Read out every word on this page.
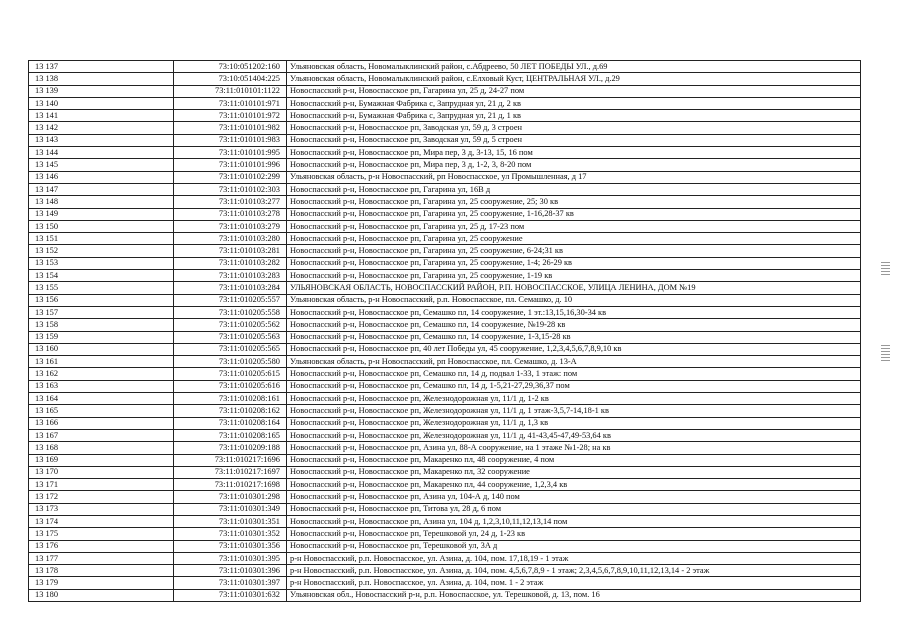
13 137	73:10:051202:160	Ульяновская область, Новомалыклинский район, с.Абдреево, 50 ЛЕТ ПОБЕДЫ УЛ., д.69
13 138	73:10:051404:225	Ульяновская область, Новомалыклинский район, с.Елховый Куст, ЦЕНТРАЛЬНАЯ УЛ., д.29
13 139	73:11:010101:1122	Новоспасский р-н, Новоспасское рп, Гагарина ул, 25 д, 24-27 пом
13 140	73:11:010101:971	Новоспасский р-н, Бумажная Фабрика с, Запрудная ул, 21 д, 2 кв
13 141	73:11:010101:972	Новоспасский р-н, Бумажная Фабрика с, Запрудная ул, 21 д, 1 кв
13 142	73:11:010101:982	Новоспасский р-н, Новоспасское рп, Заводская ул, 59 д, 3 строен
13 143	73:11:010101:983	Новоспасский р-н, Новоспасское рп, Заводская ул, 59 д, 5 строен
13 144	73:11:010101:995	Новоспасский р-н, Новоспасское рп, Мира пер, 3 д, 3-13, 15, 16 пом
13 145	73:11:010101:996	Новоспасский р-н, Новоспасское рп, Мира пер, 3 д, 1-2, 3, 8-20 пом
13 146	73:11:010102:299	Ульяновская область, р-н Новоспасский, рп Новоспасское, ул Промышленная, д 17
13 147	73:11:010102:303	Новоспасский р-н, Новоспасское рп, Гагарина ул, 16В д
13 148	73:11:010103:277	Новоспасский р-н, Новоспасское рп, Гагарина ул, 25 сооружение, 25; 30 кв
13 149	73:11:010103:278	Новоспасский р-н, Новоспасское рп, Гагарина ул, 25 сооружение, 1-16,28-37 кв
13 150	73:11:010103:279	Новоспасский р-н, Новоспасское рп, Гагарина ул, 25 д, 17-23 пом
13 151	73:11:010103:280	Новоспасский р-н, Новоспасское рп, Гагарина ул, 25 сооружение
13 152	73:11:010103:281	Новоспасский р-н, Новоспасское рп, Гагарина ул, 25 сооружение, 6-24;31 кв
13 153	73:11:010103:282	Новоспасский р-н, Новоспасское рп, Гагарина ул, 25 сооружение, 1-4; 26-29 кв
13 154	73:11:010103:283	Новоспасский р-н, Новоспасское рп, Гагарина ул, 25 сооружение, 1-19 кв
13 155	73:11:010103:284	УЛЬЯНОВСКАЯ ОБЛАСТЬ, НОВОСПАССКИЙ РАЙОН, Р.П. НОВОСПАССКОЕ, УЛИЦА ЛЕНИНА, ДОМ №19
13 156	73:11:010205:557	Ульяновская область, р-н Новоспасский, р.п. Новоспасское, пл. Семашко, д. 10
13 157	73:11:010205:558	Новоспасский р-н, Новоспасское рп, Семашко пл, 14 сооружение, 1 эт.:13,15,16,30-34 кв
13 158	73:11:010205:562	Новоспасский р-н, Новоспасское рп, Семашко пл, 14 сооружение, №19-28 кв
13 159	73:11:010205:563	Новоспасский р-н, Новоспасское рп, Семашко пл, 14 сооружение, 1-3,15-28 кв
13 160	73:11:010205:565	Новоспасский р-н, Новоспасское рп, 40 лет Победы ул, 45 сооружение, 1,2,3,4,5,6,7,8,9,10 кв
13 161	73:11:010205:580	Ульяновская область, р-н Новоспасский, рп Новоспасское, пл. Семашко, д. 13-А
13 162	73:11:010205:615	Новоспасский р-н, Новоспасское рп, Семашко пл, 14 д, подвал 1-33, 1 этаж: пом
13 163	73:11:010205:616	Новоспасский р-н, Новоспасское рп, Семашко пл, 14 д, 1-5,21-27,29,36,37 пом
13 164	73:11:010208:161	Новоспасский р-н, Новоспасское рп, Железнодорожная ул, 11/1 д, 1-2 кв
13 165	73:11:010208:162	Новоспасский р-н, Новоспасское рп, Железнодорожная ул, 11/1 д, 1 этаж-3,5,7-14,18-1 кв
13 166	73:11:010208:164	Новоспасский р-н, Новоспасское рп, Железнодорожная ул, 11/1 д, 1,3 кв
13 167	73:11:010208:165	Новоспасский р-н, Новоспасское рп, Железнодорожная ул, 11/1 д, 41-43,45-47,49-53,64 кв
13 168	73:11:010209:188	Новоспасский р-н, Новоспасское рп, Азина ул, 88-А сооружение, на 1 этаже №1-28; на кв
13 169	73:11:010217:1696	Новоспасский р-н, Новоспасское рп, Макаренко пл, 48 сооружение, 4 пом
13 170	73:11:010217:1697	Новоспасский р-н, Новоспасское рп, Макаренко пл, 32 сооружение
13 171	73:11:010217:1698	Новоспасский р-н, Новоспасское рп, Макаренко пл, 44 сооружение, 1,2,3,4 кв
13 172	73:11:010301:298	Новоспасский р-н, Новоспасское рп, Азина ул, 104-А д, 140 пом
13 173	73:11:010301:349	Новоспасский р-н, Новоспасское рп, Титова ул, 28 д, 6 пом
13 174	73:11:010301:351	Новоспасский р-н, Новоспасское рп, Азина ул, 104 д, 1,2,3,10,11,12,13,14 пом
13 175	73:11:010301:352	Новоспасский р-н, Новоспасское рп, Терешковой ул, 24 д, 1-23 кв
13 176	73:11:010301:356	Новоспасский р-н, Новоспасское рп, Терешковой ул, 3А д
13 177	73:11:010301:395	р-н Новоспасский, р.п. Новоспасское, ул. Азина, д. 104, пом. 17,18,19 - 1 этаж
13 178	73:11:010301:396	р-н Новоспасский, р.п. Новоспасское, ул. Азина, д. 104, пом. 4,5,6,7,8,9 - 1 этаж; 2,3,4,5,6,7,8,9,10,11,12,13,14 - 2 этаж
13 179	73:11:010301:397	р-н Новоспасский, р.п. Новоспасское, ул. Азина, д. 104, пом. 1 - 2 этаж
13 180	73:11:010301:632	Ульяновская обл., Новоспасский р-н, р.п. Новоспасское, ул. Терешковой, д. 13, пом. 16
